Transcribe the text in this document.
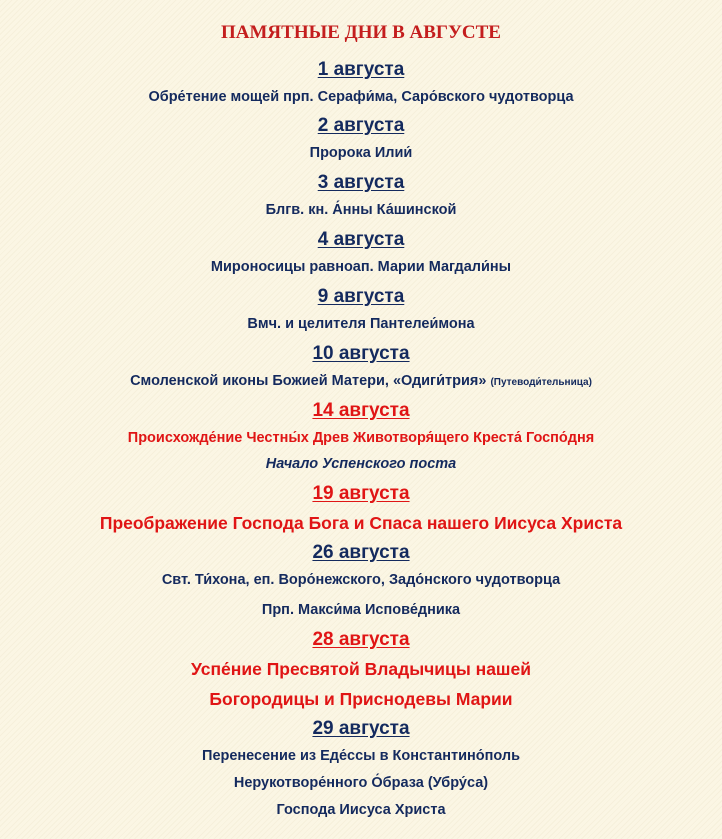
ПАМЯТНЫЕ ДНИ В АВГУСТЕ
1 августа
Обре́тение мощей прп. Серафи́ма, Саро́вского чудотворца
2 августа
Пророка Илии́
3 августа
Блгв. кн. А́нны Ка́шинской
4 августа
Мироносицы равноап. Марии Магдали́ны
9 августа
Вмч. и целителя Пантелеи́мона
10 августа
Смоленской иконы Божией Матери, «Одиги́трия» (Путеводи́тельница)
14 августа
Происхожде́ние Честны́х Древ Животворя́щего Креста́ Госпо́дня
Начало Успенского поста
19 августа
Преображение Господа Бога и Спаса нашего Иисуса Христа
26 августа
Свт. Ти́хона, еп. Воро́нежского, Задо́нского чудотворца
Прп. Макси́ма Испове́дника
28 августа
Успе́ние Пресвятой Владычицы нашей
Богородицы и Приснодевы Марии
29 августа
Перенесение из Еде́ссы в Константино́поль
Нерукотворе́нного О́браза (Убру́са)
Господа Иисуса Христа
